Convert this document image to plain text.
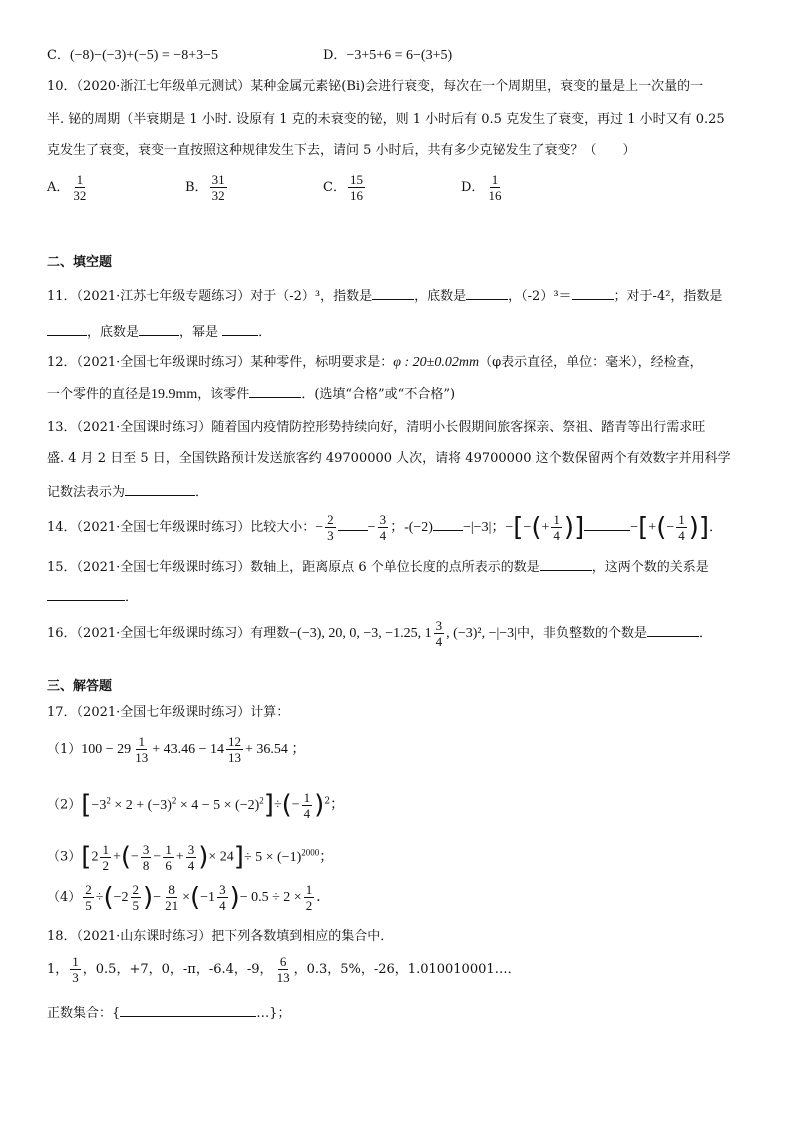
C．(−8)−(−3)+(−5) = −8+3−5	D．−3+5+6 = 6−(3+5)
10．（2020·浙江七年级单元测试）某种金属元素铋(Bi)会进行衰变，每次在一个周期里，衰变的量是上一次量的一
半. 铋的周期（半衰期是 1 小时. 设原有 1 克的未衰变的铋，则 1 小时后有 0.5 克发生了衰变，再过 1 小时又有 0.25
克发生了衰变，衰变一直按照这种规律发生下去，请问 5 小时后，共有多少克铋发生了衰变？（　　）
A． $\frac{1}{32}$	B． $\frac{31}{32}$	C． $\frac{15}{16}$	D． $\frac{1}{16}$
二、填空题
11．（2021·江苏七年级专题练习）对于（-2）³，指数是	，底数是	，（-2）³＝	；对于-4²，指数是
，底数是	，幂是	．
12．（2021·全国七年级课时练习）某种零件，标明要求是：φ : 20±0.02mm（φ表示直径，单位：毫米），经检查，
一个零件的直径是19.9mm，该零件	．(选填“合格”或“不合格”)
13．（2021·全国课时练习）随着国内疫情防控形势持续向好，清明小长假期间旅客探亲、祭祖、踏青等出行需求旺
盛. 4 月 2 日至 5 日，全国铁路预计发送旅客约 49700000 人次，请将 49700000 这个数保留两个有效数字并用科学
记数法表示为	．
14．（2021·全国七年级课时练习）比较大小：− $\frac{2}{3} - \frac{3}{4}$ ；-(−2) −|−3|；−[−(+ $\frac{1}{4}$ )]	−[+(− $\frac{1}{4}$ )]．
15．（2021·全国七年级课时练习）数轴上，距离原点 6 个单位长度的点所表示的数是	，这两个数的关系是
．
16．（2021·全国七年级课时练习）有理数−(−3), 20, 0, −3, −1.25, $1 \frac{3}{4}$ , (−3)², −|−3|中，非负整数的个数是	．
三、解答题
17．（2021·全国七年级课时练习）计算：
$(1)100 - 29 \frac{1}{13} + 43.46 - 14 \frac{12}{13} + 36.54$ ；
$(2)[-3^2 \times 2 + (-3)^2 \times 4 - 5 \times (-2)^2]\div(- \frac{1}{4} )^2$；
$(3)[2 \frac{1}{2}$ +(− $\frac{3}{8} - \frac{1}{6} + \frac{3}{4}$ )× $24]\div 5 \times (-1)^{2000}$；
$(4) \frac{2}{5} \div(-2 \frac{2}{5}$ )− $\frac{8}{21} \times(-1 \frac{3}{4}$ )− $0.5 \div 2 \times \frac{1}{2}$ ．
18．（2021·山东课时练习）把下列各数填到相应的集合中．
1， $\frac{1}{3}$ ，0.5，+7，0，-π，-6.4，-9， $\frac{6}{13}$ ，0.3，5%，-26，1.010010001…．
正数集合：{	…}；
